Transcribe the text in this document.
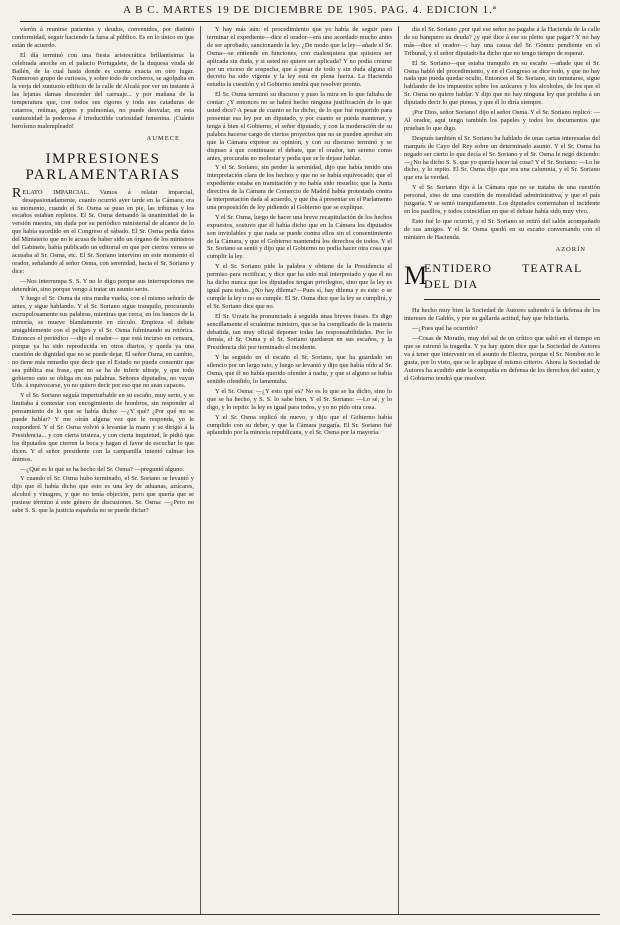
A B C. MARTES 19 DE DICIEMBRE DE 1905. PAG. 4. EDICION 1.ª

vierón á reunirse parientes y deudos, convenidos, por distinto conformidad, seguir haciendo la farsa al público. Es en lo único en que están de acuerdo.

El día terminó con una fiesta aristocrática brillantísima: la celebrada anoche en el palacio Portugalete, de la duquesa viuda de Bailén, de la cual hasta donde es cuenta exacta en otro lugar. Numeroso grupo de curiosos, y sobre todo de cocheros, se agolpaba en la verja del suntuoso edificio de la calle de Alcalá por ver un instante á las lejanas damas descender del carruaje... y por mañana de la temperatura que, con todos sus rigores y toda sus cataduras de catarros, reúmas, gripes y pulmonías, no puede desvalar, en esta suntuosidad la poderosa é irreductible curiosidad femenina. ¡Cuánto heroísmo malempleado!

AUMECE
IMPRESIONES
PARLAMENTARIAS

RELATO IMPARCIAL. Vamos á relatar imparcial, desapasionadamente, cuanto ocurrió ayer tarde en la Cámara; era su momento, cuando el Sr. Osma se puso en pie, las tribunas y los escaños estaban repletos. El Sr. Osma demandó la unanimidad de la versión nuestra, sin duda por su periódico ministerial de alcance de lo que había sucedido en el Congreso el sábado. El Sr. Osma pedía datos del Ministerio que no le acusa de haber sido un órgano de los ministros del Gabinete, había publicado un editorial en que por ciertos versos se acusaba al Sr. Osma, etc. El Sr. Soriano intervino en este momento el orador, señalando al señor Osma, con serenidad, hacia el Sr. Soriano y dice:

—Nos interrumpa S. S. Y no lo digo porque sus interrupciones me detendrán, sino porque vengo á tratar un asunto serio.

Y luego el Sr. Osma da otra media vuelta, con el mismo señorío de antes, y sigue hablando. Y el Sr. Soriano sigue tranquilo, procurando escrupulosamente sus palabras, mientras que cerca, en los bancos de la minoría, se mueve blandamente en círculo. Empieza el debate amigablemente con el peligro y el Sr. Osma fulminando su retórica. Entonces el periódico —dijo el orador— que está incurso en censura, porque ya ha sido reproducida en otros diarios, y queda ya una cuestión de dignidad que no se puede dejar. El señor Osma, en cambio, no tiene más remedio que decir que el Estado no puede consentir que sea pública esa frase, que no se ha de inferir ultraje, y que todo gobierno esto se obliga en sus palabras. Señores diputados, no vayan Uds. á equivocarse, yo no quiero decir por eso que no sean capaces.

Y el Sr. Soriano seguía imperturbable en su escaño, muy serio, y se limitaba á contestar con encogimiento de hombros, sin responder al pensamiento de lo que se había dicho: —¿Y qué? ¿Por qué no se puede hablar? Y me oírán alguna vez que le responda, yo le responderé. Y el Sr. Osma volvió á levantar la mano y se dirigió á la Presidencia... y con cierta tristeza, y con cierta inquietud, le pidió que los diputados que cierren la boca y hagan el favor de escuchar lo que dicen. Y el señor presidente con la campanilla intentó calmar los ánimos.

—¿Qué es lo que se ha hecho del Sr. Osma? —preguntó alguno.

Y cuando el Sr. Osma hubo terminado, el Sr. Soriano se levantó y dijo que él había dicho que esto es una ley de aduanas, azúcares, alcohol y vinagres, y que no tenía objeción, pero que quería que se pusiese término á este género de discusiones. Sr. Osma: —¿Pero no sabe S. S. que la justicia española no se puede dictar?

Y hay más aún: el procedimiento que yo había de seguir para terminar el expediente—dice el orador—era uno acordado mucho antes de ser aprobado, sancionando la ley. ¿De modo que la ley—añade el Sr. Osma—se entiende en funciones, con cualesquiera que quisiera ser aplicada sin duda, y si usted no quiere ser aplicada? Y no podía crearse por un exceso de sospecha, que á pesar de todo y sin duda alguna el decreto ha sido vigente y la ley está en plena fuerza. La Hacienda estudia la cuestión y el Gobierno tendrá que resolver pronto.

El Sr. Osma terminó su discurso y puso la mira en lo que faltaba de contar: ¿Y entonces no se habrá hecho ninguna justificación de lo que usted dice? A pesar de cuanto se ha dicho, de lo que fué requerido para presentar esa ley por un diputado, y por cuanto se pueda mantener, y tenga á bien el Gobierno, el señor diputado, y con la moderación de su palabra hacerse cargo de ciertos proyectos que no se pueden aprobar sin que la Cámara exprese su opinión, y con su discurso terminó y se dispuso á que continuase el debate, que el orador, tan sereno como antes, procuraba no molestar y pedía que se le dejase hablar.

Y el Sr. Soriano, sin perder la serenidad, dijo que había tenido una interpretación clara de los hechos y que no se había equivocado; que el expediente estaba en tramitación y no había sido resuelto; que la Junta directiva de la Cámara de Comercio de Madrid había protestado contra la interpretación dada al acuerdo, y que iba á presentar en el Parlamento una proposición de ley pidiendo al Gobierno que se explique.

Y el Sr. Osma, luego de hacer una breve recapitulación de los hechos expuestos, sostuvo que él había dicho que en la Cámara los diputados son inviolables y que nada se puede contra ellos sin el consentimiento de la Cámara, y que el Gobierno mantendrá los derechos de todos. Y el Sr. Soriano se sentó y dijo que el Gobierno no podía hacer otra cosa que cumplir la ley.

Y el Sr. Soriano pide la palabra y obtiene de la Presidencia el permiso para rectificar, y dice que ha sido mal interpretado y que él no ha dicho nunca que los diputados tengan privilegios, sino que la ley es igual para todos. ¿No hay dilema?—Pues sí, hay dilema y es este: o se cumple la ley o no se cumple. El Sr. Osma dice que la ley se cumplirá, y el Sr. Soriano dice que no.

El Sr. Urzaiz ha pronunciado á seguida unas breves frases. Es digo sencillamente el ecuánime ministro, que se ha complicado de la materia debatida, tan muy oficial deponer todas las responsabilidades. Por lo demás, el Sr. Osma y el Sr. Soriano quedaron en sus escaños, y la Presidencia dió por terminado el incidente.

Y ha seguido en el escaño el Sr. Soriano, que ha guardado un silencio por un largo rato, y luego se levantó y dijo que había oído al Sr. Osma, que él no había querido ofender á nadie, y que si alguno se había sentido ofendido, lo lamentaba.

Y el Sr. Osma: —¿Y esto qué es? No es lo que se ha dicho, sino lo que se ha hecho, y S. S. lo sabe bien. Y el Sr. Soriano: —Lo sé, y lo digo, y lo repito: la ley es igual para todos, y yo no pido otra cosa.

Y el Sr. Osma replicó de nuevo, y dijo que el Gobierno había cumplido con su deber, y que la Cámara juzgaría. El Sr. Soriano fué aplaudido por la minoría republicana, y el Sr. Osma por la mayoría.

dia el Sr. Soriano ¿por qué ese señor no pagaba á la Hacienda de la calle de su banquero su deuda? ¿y qué dice á ese su pleito que pagar? Y no hay más—dice el orador—: hay una causa del Sr. Gómez pendiente en el Tribunal, y el señor diputado ha dicho que no tengo tiempo de esperar.

El Sr. Soriano—que estaba tranquilo en su escaño —añade que el Sr. Osma habló del procedimiento, y en el Congreso se dice todo, y que no hay nada que pueda quedar oculto. Entonces el Sr. Soriano, sin inmutarse, sigue hablando de los impuestos sobre los azúcares y los alcoholes, de los que el Sr. Osma no quiere hablar. Y dijo que no hay ninguna ley que prohiba á un diputado decir lo que piensa, y que él lo diría siempre.

¡Por Dios, señor Soriano! dijo el señor Osma. Y el Sr. Soriano replicó: —Al orador, aquí tengo también los papeles y todos los documentos que prueban lo que digo.

Después también el Sr. Soriano ha hablado de unas cartas interesadas del marqués de Cayo del Rey sobre un determinado asunto. Y el Sr. Osma ha negado ser cierto lo que decía el Sr. Soriano y el Sr. Osma le negó diciendo: —¿No ha dicho S. S. que yo quería hacer tal cosa? Y el Sr. Soriano: —Lo he dicho, y lo repito. El Sr. Osma dijo que era una calumnia, y el Sr. Soriano que era la verdad.

Y el Sr. Soriano dijo á la Cámara que no se trataba de una cuestión personal, sino de una cuestión de moralidad administrativa, y que el país juzgaría. Y se sentó tranquilamente. Los diputados comentaban el incidente en los pasillos, y todos coincidían en que el debate había sido muy vivo.

Esto fué lo que ocurrió, y el Sr. Soriano se retiró del salón acompañado de sus amigos. Y el Sr. Osma quedó en su escaño conversando con el ministro de Hacienda.

AZORÍN
M
ENTIDERO	TEATRAL
DEL DIA

Ha hecho muy bien la Sociedad de Autores saliendo á la defensa de los intereses de Galdós, y por su gallarda actitud, hay que felicitarla.

—¿Pues qué ha ocurrido?

—Cosas de Moratín, muy del sal de un crítico que salió en el tiempo en que se estrenó la tragedia. Y ya hay quien dice que la Sociedad de Autores va á tener que intervenir en el asunto de Electra, porque el Sr. Nombre no le gusta, por lo visto, que se le aplique el mismo criterio. Ahora la Sociedad de Autores ha acudido ante la compañía en defensa de los derechos del autor, y el Gobierno tendrá que resolver.
